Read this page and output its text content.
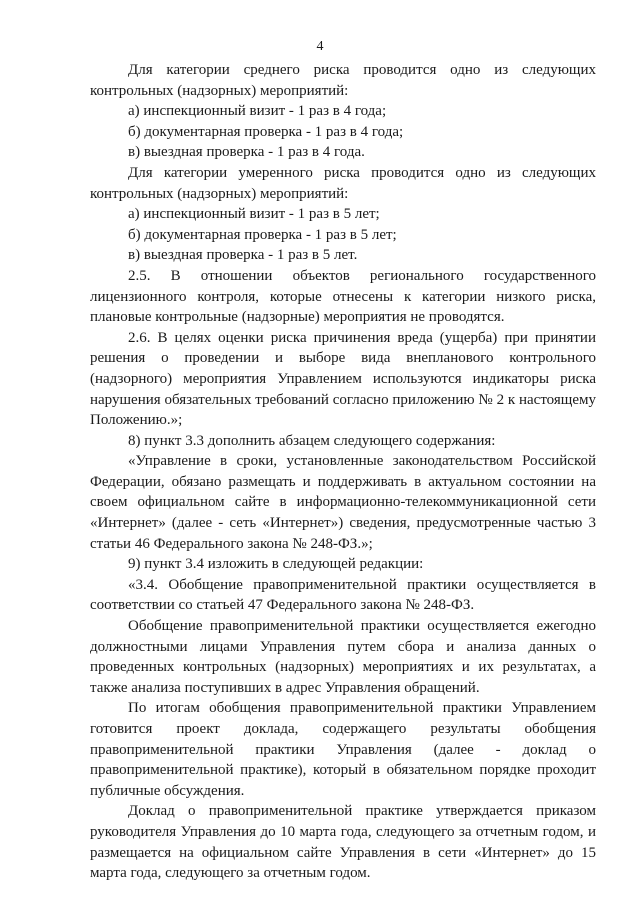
4

Для категории среднего риска проводится одно из следующих контрольных (надзорных) мероприятий:

а) инспекционный визит - 1 раз в 4 года;

б) документарная проверка - 1 раз в 4 года;

в) выездная проверка - 1 раз в 4 года.

Для категории умеренного риска проводится одно из следующих контрольных (надзорных) мероприятий:

а) инспекционный визит - 1 раз в 5 лет;

б) документарная проверка - 1 раз в 5 лет;

в) выездная проверка - 1 раз в 5 лет.

2.5. В отношении объектов регионального государственного лицензионного контроля, которые отнесены к категории низкого риска, плановые контрольные (надзорные) мероприятия не проводятся.

2.6. В целях оценки риска причинения вреда (ущерба) при принятии решения о проведении и выборе вида внепланового контрольного (надзорного) мероприятия Управлением используются индикаторы риска нарушения обязательных требований согласно приложению № 2 к настоящему Положению.»;

8) пункт 3.3 дополнить абзацем следующего содержания:

«Управление в сроки, установленные законодательством Российской Федерации, обязано размещать и поддерживать в актуальном состоянии на своем официальном сайте в информационно-телекоммуникационной сети «Интернет» (далее - сеть «Интернет») сведения, предусмотренные частью 3 статьи 46 Федерального закона № 248-ФЗ.»;

9) пункт 3.4 изложить в следующей редакции:

«3.4. Обобщение правоприменительной практики осуществляется в соответствии со статьей 47 Федерального закона № 248-ФЗ.

Обобщение правоприменительной практики осуществляется ежегодно должностными лицами Управления путем сбора и анализа данных о проведенных контрольных (надзорных) мероприятиях и их результатах, а также анализа поступивших в адрес Управления обращений.

По итогам обобщения правоприменительной практики Управлением готовится проект доклада, содержащего результаты обобщения правоприменительной практики Управления (далее - доклад о правоприменительной практике), который в обязательном порядке проходит публичные обсуждения.

Доклад о правоприменительной практике утверждается приказом руководителя Управления до 10 марта года, следующего за отчетным годом, и размещается на официальном сайте Управления в сети «Интернет» до 15 марта года, следующего за отчетным годом.
